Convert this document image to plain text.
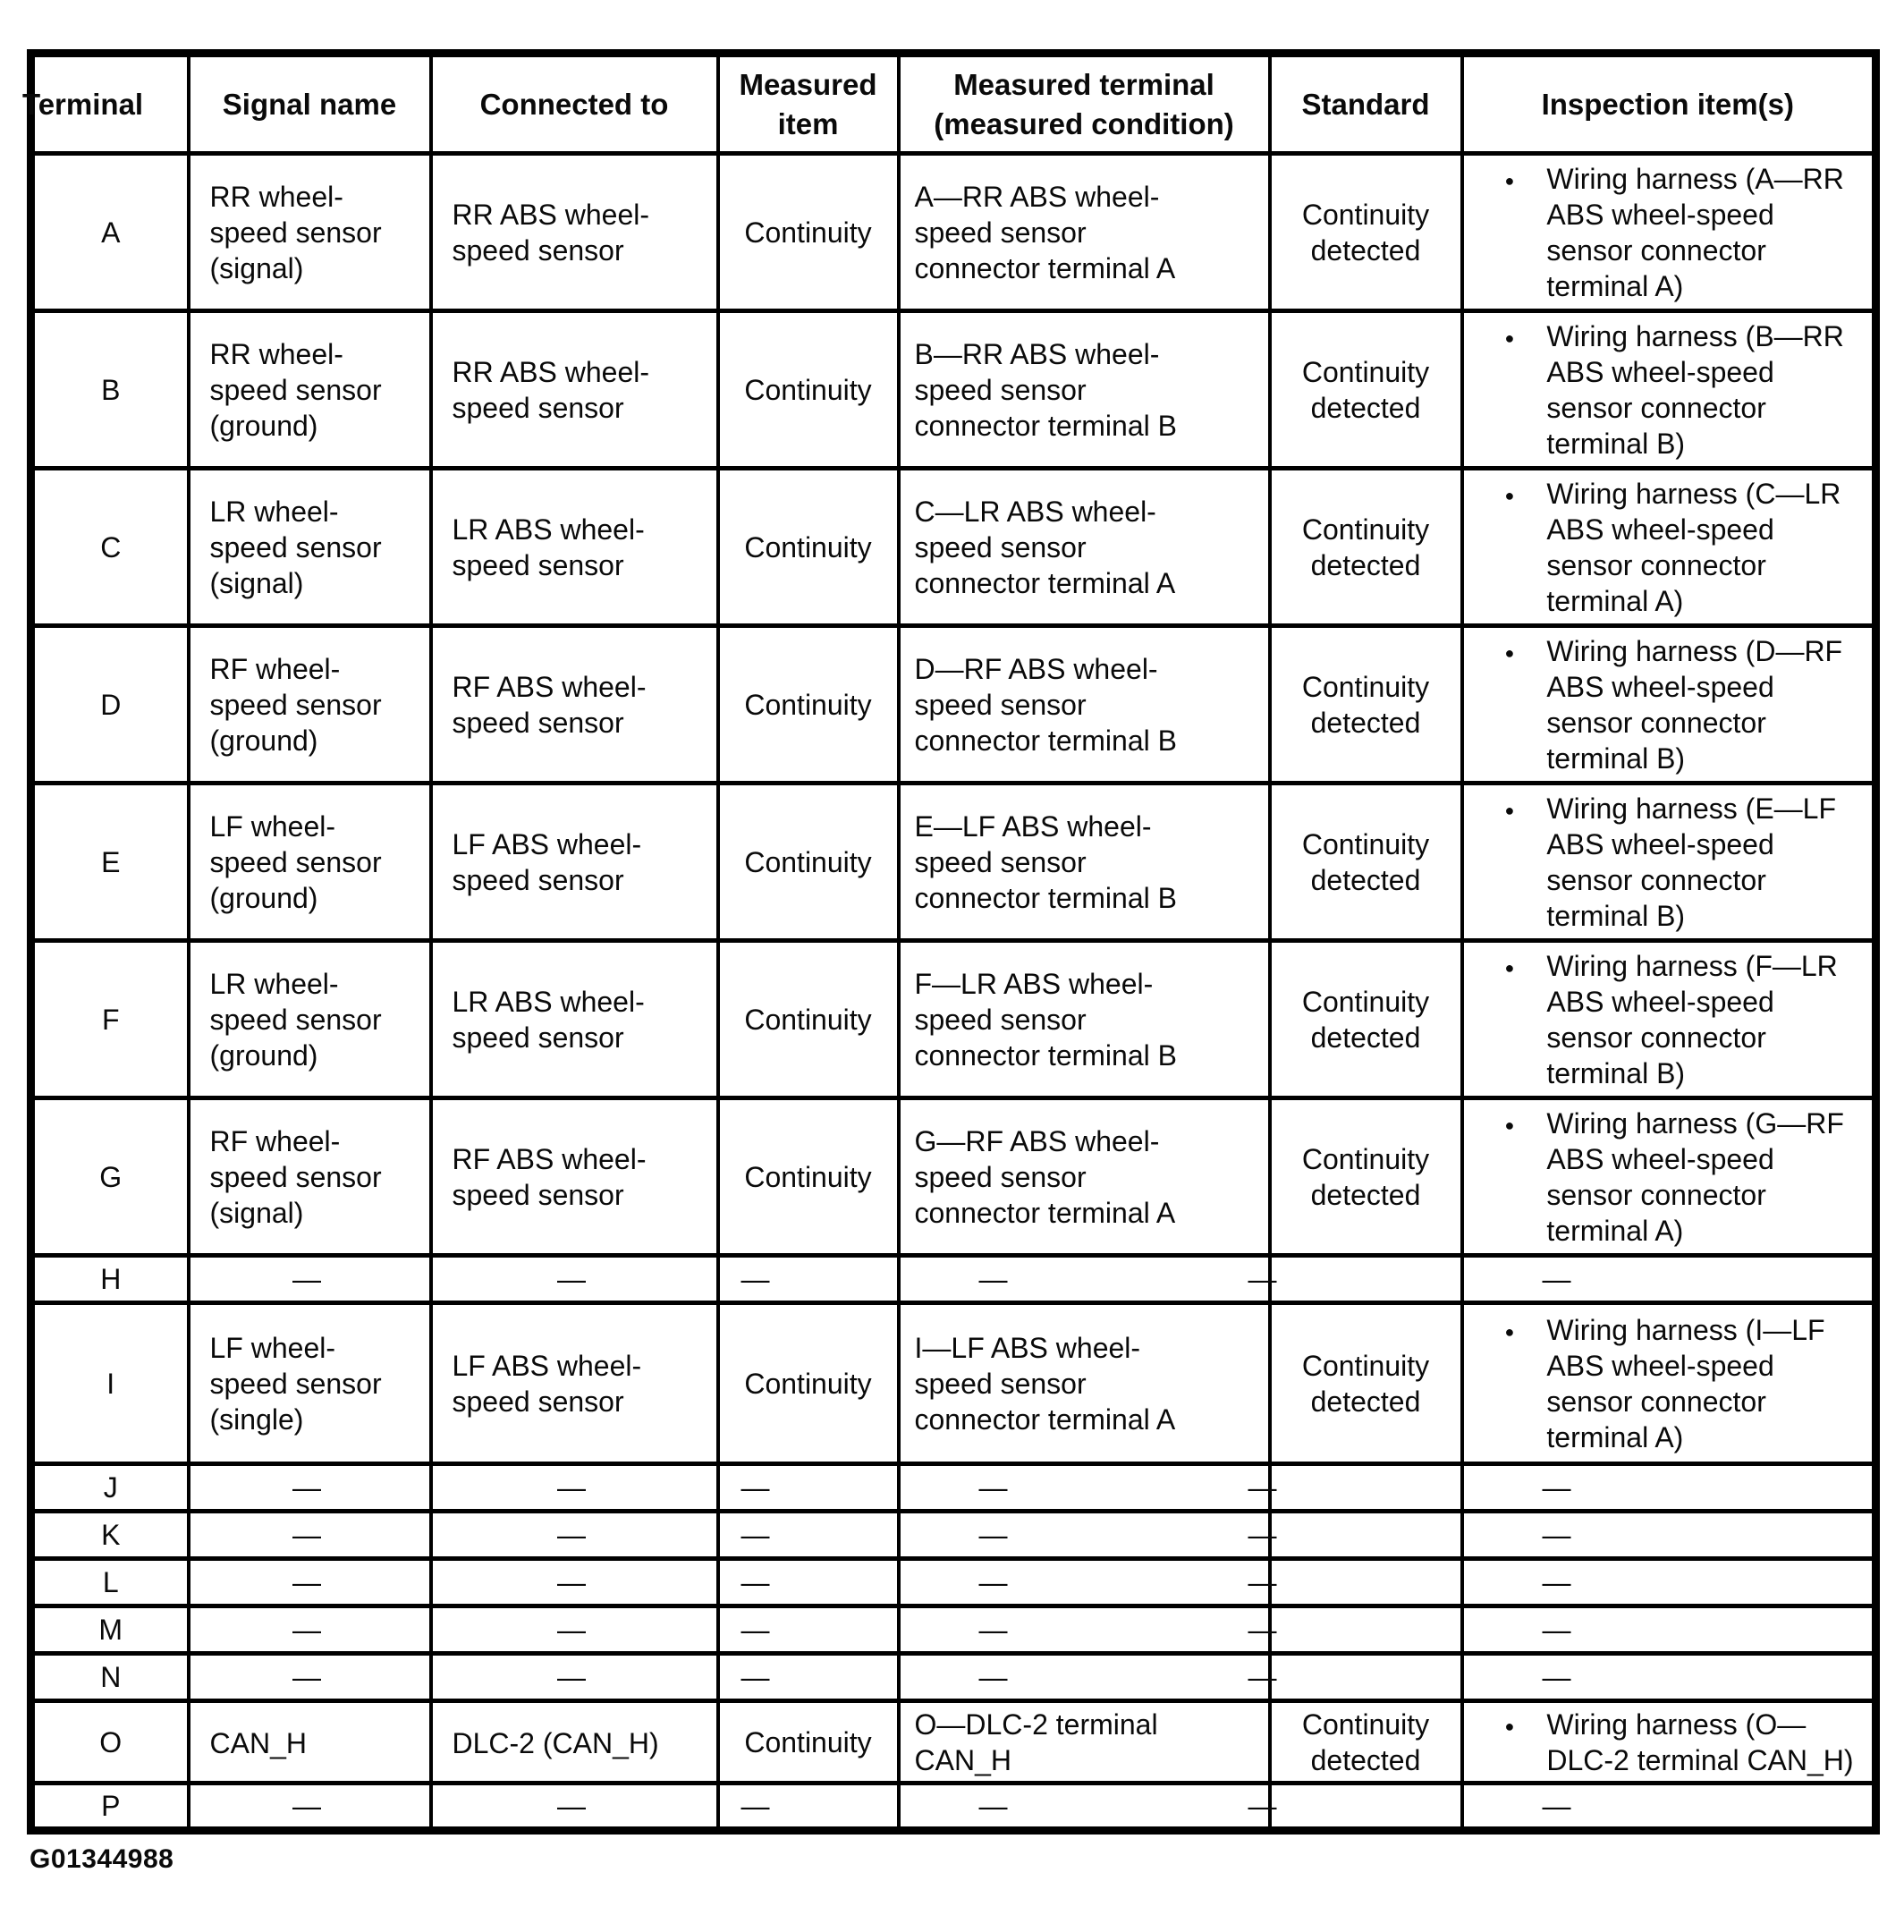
Terminal	Signal name	Connected to	Measured item	Measured terminal (measured condition)	Standard	Inspection item(s)
A	RR wheel-speed sensor (signal)	RR ABS wheel-speed sensor	Continuity	A—RR ABS wheel-speed sensor connector terminal A	Continuity detected	● Wiring harness (A—RR ABS wheel-speed sensor connector terminal A)

B	RR wheel-speed sensor (ground)	RR ABS wheel-speed sensor	Continuity	B—RR ABS wheel-speed sensor connector terminal B	Continuity detected	● Wiring harness (B—RR ABS wheel-speed sensor connector terminal B)

C	LR wheel-speed sensor (signal)	LR ABS wheel-speed sensor	Continuity	C—LR ABS wheel-speed sensor connector terminal A	Continuity detected	● Wiring harness (C—LR ABS wheel-speed sensor connector terminal A)

D	RF wheel-speed sensor (ground)	RF ABS wheel-speed sensor	Continuity	D—RF ABS wheel-speed sensor connector terminal B	Continuity detected	● Wiring harness (D—RF ABS wheel-speed sensor connector terminal B)

E	LF wheel-speed sensor (ground)	LF ABS wheel-speed sensor	Continuity	E—LF ABS wheel-speed sensor connector terminal B	Continuity detected	● Wiring harness (E—LF ABS wheel-speed sensor connector terminal B)

F	LR wheel-speed sensor (ground)	LR ABS wheel-speed sensor	Continuity	F—LR ABS wheel-speed sensor connector terminal B	Continuity detected	● Wiring harness (F—LR ABS wheel-speed sensor connector terminal B)

G	RF wheel-speed sensor (signal)	RF ABS wheel-speed sensor	Continuity	G—RF ABS wheel-speed sensor connector terminal A	Continuity detected	● Wiring harness (G—RF ABS wheel-speed sensor connector terminal A)

H	—	—	—	—	—	—
I	LF wheel-speed sensor (single)	LF ABS wheel-speed sensor	Continuity	I—LF ABS wheel-speed sensor connector terminal A	Continuity detected	● Wiring harness (I—LF ABS wheel-speed sensor connector terminal A)

J	—	—	—	—	—	—
K	—	—	—	—	—	—
L	—	—	—	—	—	—
M	—	—	—	—	—	—
N	—	—	—	—	—	—
O	CAN_H	DLC-2 (CAN_H)	Continuity	O—DLC-2 terminal CAN_H	Continuity detected	● Wiring harness (O—DLC-2 terminal CAN_H)

P	—	—	—	—	—	—
G01344988
